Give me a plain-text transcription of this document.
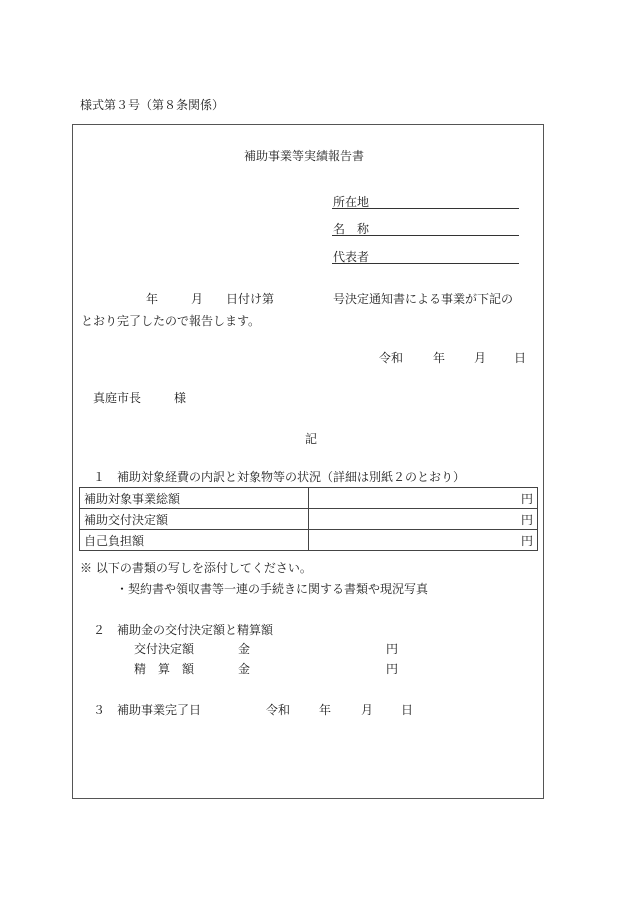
様式第３号（第８条関係）
補助事業等実績報告書
所在地
名　称
代表者
年	月 日付け第	号決定通知書による事業が下記の
とおり完了したので報告します。
令和 年 月 日
真庭市長	様
記
１　補助対象経費の内訳と対象物等の状況（詳細は別紙２のとおり）
補助対象事業総額	円
補助交付決定額	円
自己負担額	円
※ 以下の書類の写しを添付してください。
・契約書や領収書等一連の手続きに関する書類や現況写真
２　補助金の交付決定額と精算額
交付決定額	金	円
精　算　額	金	円
３　補助事業完了日	令和 年 月 日
